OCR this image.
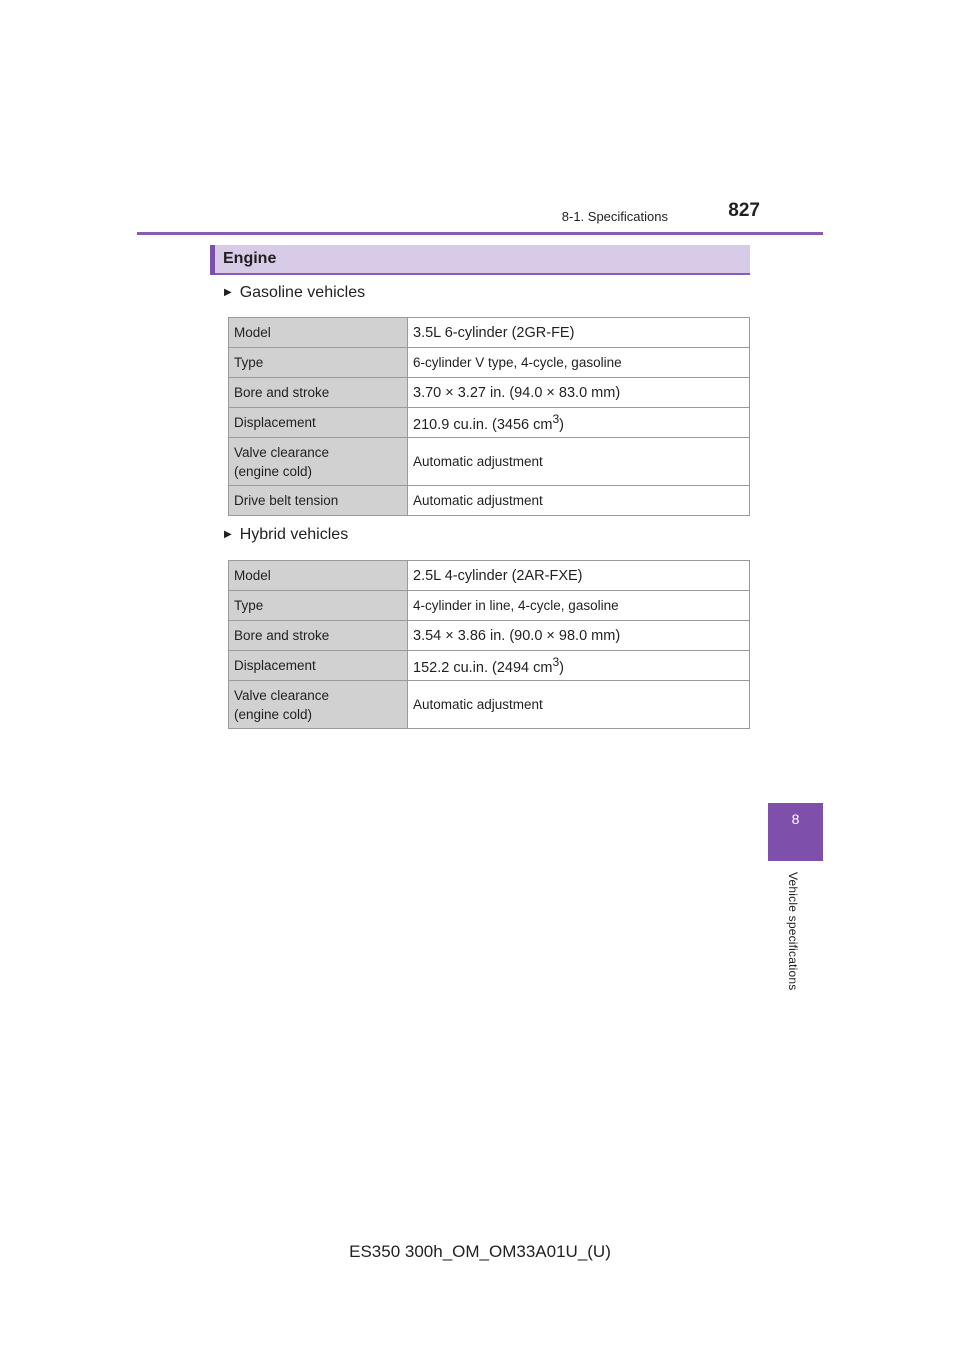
8-1. Specifications	827
Engine
▶ Gasoline vehicles
Model	3.5L 6-cylinder (2GR-FE)
Type	6-cylinder V type, 4-cycle, gasoline
Bore and stroke	3.70 × 3.27 in. (94.0 × 83.0 mm)
Displacement	210.9 cu.in. (3456 $cm^3$)
Valve clearance
(engine cold)	Automatic adjustment
Drive belt tension	Automatic adjustment
▶ Hybrid vehicles
Model	2.5L 4-cylinder (2AR-FXE)
Type	4-cylinder in line, 4-cycle, gasoline
Bore and stroke	3.54 × 3.86 in. (90.0 × 98.0 mm)
Displacement	152.2 cu.in. (2494 $cm^3$)
Valve clearance
(engine cold)	Automatic adjustment
8
Vehicle specifications
ES350 300h_OM_OM33A01U_(U)
